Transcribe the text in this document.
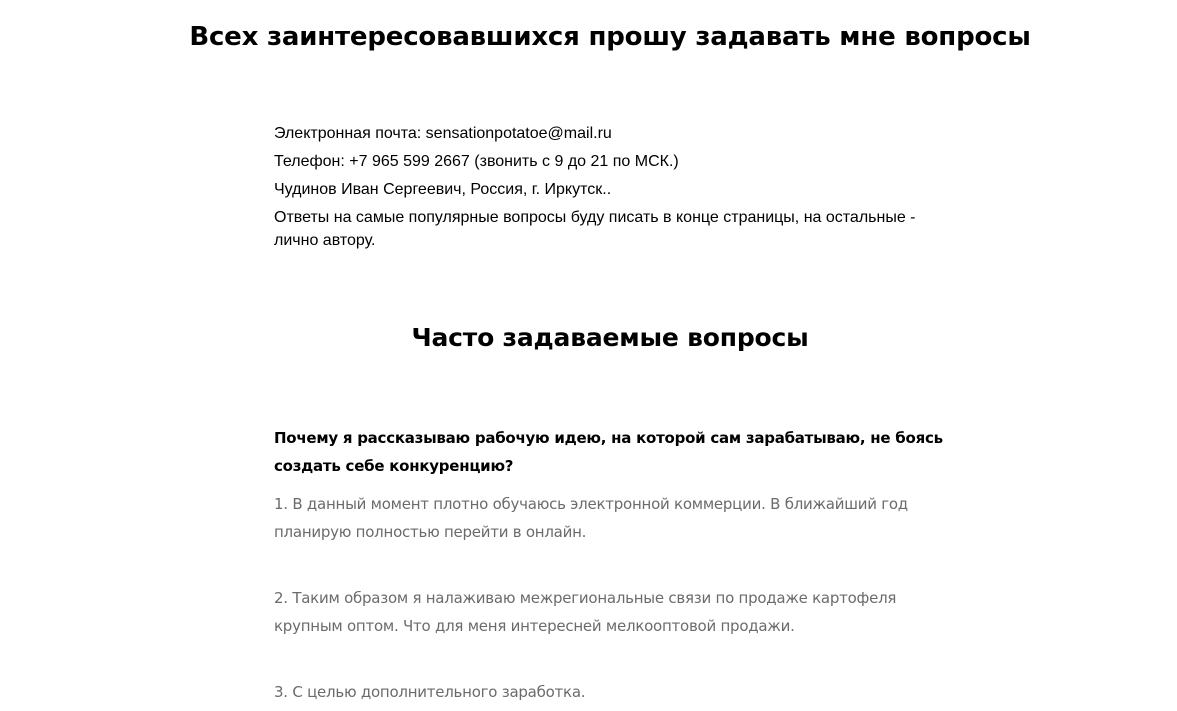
Всех заинтересовавшихся прошу задавать мне вопросы
Электронная почта: sensationpotatoe@mail.ru
Телефон: +7 965 599 2667 (звонить с 9 до 21 по МСК.)
Чудинов Иван Сергеевич, Россия, г. Иркутск..
Ответы на самые популярные вопросы буду писать в конце страницы, на остальные - лично автору.
Часто задаваемые вопросы

Почему я рассказываю рабочую идею, на которой сам зарабатываю, не боясь создать себе конкуренцию?

1. В данный момент плотно обучаюсь электронной коммерции. В ближайший год планирую полностью перейти в онлайн.

2. Таким образом я налаживаю межрегиональные связи по продаже картофеля крупным оптом. Что для меня интересней мелкооптовой продажи.

3. С целью дополнительного заработка.
